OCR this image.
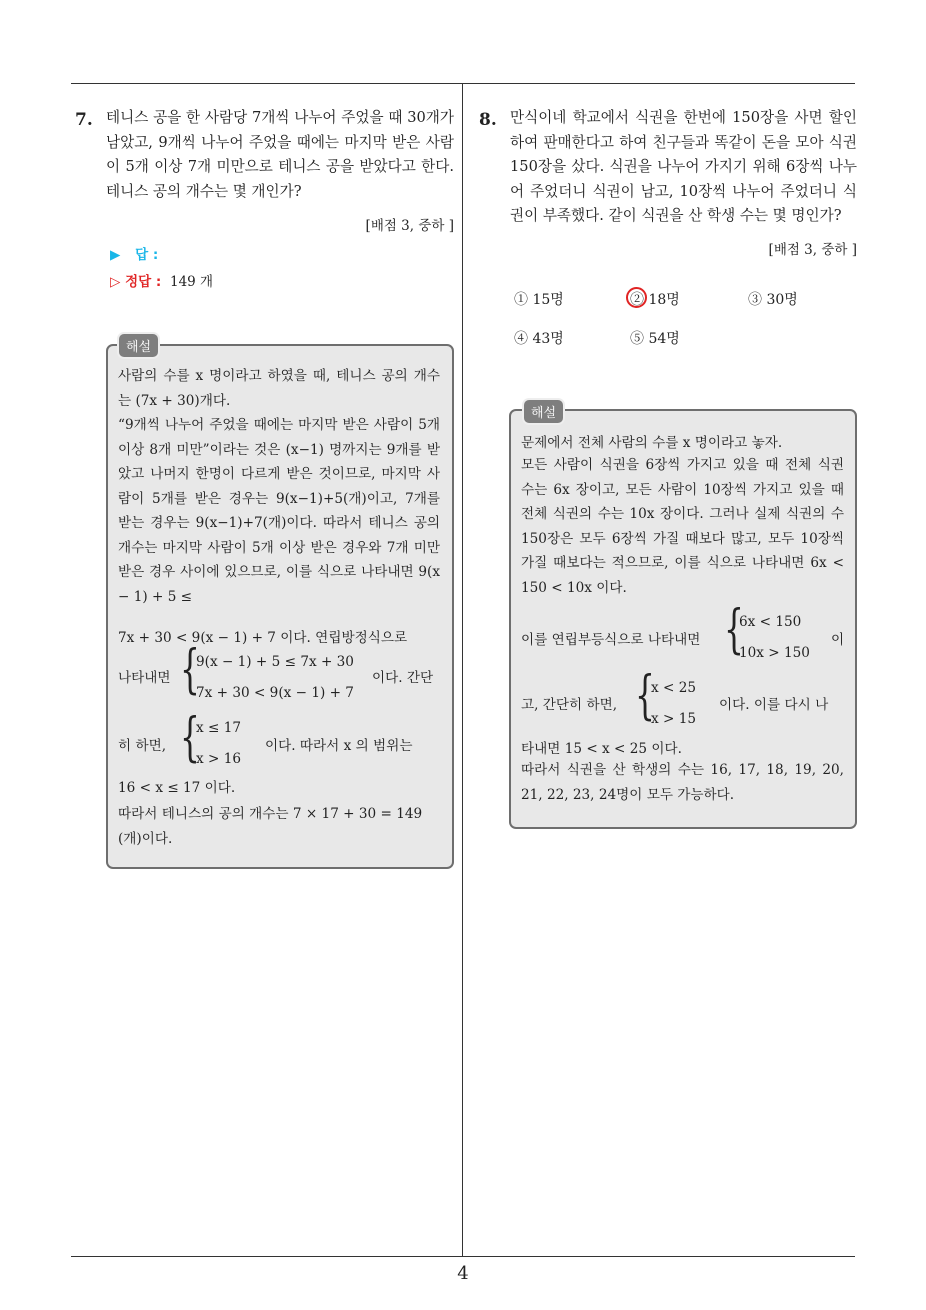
4
7. 테니스 공을 한 사람당 7개씩 나누어 주었을 때 30개가 남았고, 9개씩 나누어 주었을 때에는 마지막 받은 사람이 5개 이상 7개 미만으로 테니스 공을 받았다고 한다. 테니스 공의 개수는 몇 개인가?
[배점 3, 중하 ]
▶ 답 :
▷ 정답 : 149 개
해설
사람의 수를 x 명이라고 하였을 때, 테니스 공의 개수는 (7x + 30)개다.
“9개씩 나누어 주었을 때에는 마지막 받은 사람이 5개 이상 8개 미만”이라는 것은 (x−1) 명까지는 9개를 받았고 나머지 한명이 다르게 받은 것이므로, 마지막 사람이 5개를 받은 경우는 9(x−1)+5(개)이고, 7개를 받는 경우는 9(x−1)+7(개)이다. 따라서 테니스 공의 개수는 마지막 사람이 5개 이상 받은 경우와 7개 미만 받은 경우 사이에 있으므로, 이를 식으로 나타내면 9(x − 1) + 5 ≤
7x + 30 < 9(x − 1) + 7 이다. 연립방정식으로
나타내면 {
9(x − 1) + 5 ≤ 7x + 30
7x + 30 < 9(x − 1) + 7
이다. 간단
히 하면, {
x ≤ 17
x > 16
이다. 따라서 x 의 범위는
16 < x ≤ 17 이다.
따라서 테니스의 공의 개수는 7 × 17 + 30 = 149
(개)이다.
8. 만식이네 학교에서 식권을 한번에 150장을 사면 할인하여 판매한다고 하여 친구들과 똑같이 돈을 모아 식권 150장을 샀다. 식권을 나누어 가지기 위해 6장씩 나누어 주었더니 식권이 남고, 10장씩 나누어 주었더니 식권이 부족했다. 같이 식권을 산 학생 수는 몇 명인가?
[배점 3, 중하 ]
① 15명	② 18명	③ 30명
④ 43명	⑤ 54명
해설
문제에서 전체 사람의 수를 x 명이라고 놓자.
모든 사람이 식권을 6장씩 가지고 있을 때 전체 식권 수는 6x 장이고, 모든 사람이 10장씩 가지고 있을 때 전체 식권의 수는 10x 장이다. 그러나 실제 식권의 수 150장은 모두 6장씩 가질 때보다 많고, 모두 10장씩 가질 때보다는 적으므로, 이를 식으로 나타내면 6x < 150 < 10x 이다.
이를 연립부등식으로 나타내면 {
6x < 150
10x > 150
이
고, 간단히 하면, {
x < 25
x > 15
이다. 이를 다시 나
타내면 15 < x < 25 이다.
따라서 식권을 산 학생의 수는 16, 17, 18, 19, 20, 21, 22, 23, 24명이 모두 가능하다.
